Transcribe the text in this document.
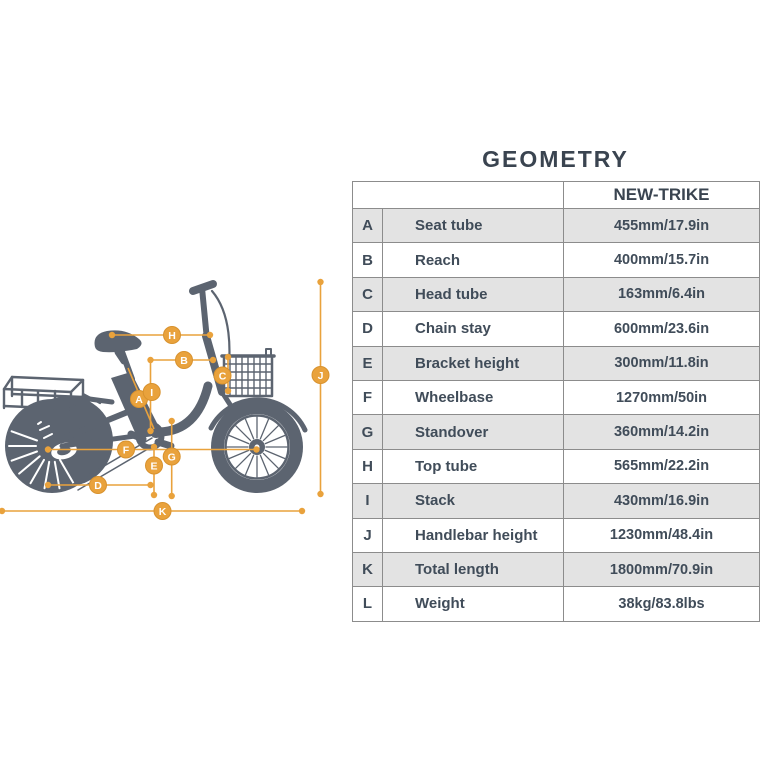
A
B
C
D
E
F
G
H
I
J
K
GEOMETRY
		NEW-TRIKE
A	Seat tube	455mm/17.9in
B	Reach	400mm/15.7in
C	Head tube	163mm/6.4in
D	Chain stay	600mm/23.6in
E	Bracket height	300mm/11.8in
F	Wheelbase	1270mm/50in
G	Standover	360mm/14.2in
H	Top tube	565mm/22.2in
I	Stack	430mm/16.9in
J	Handlebar height	1230mm/48.4in
K	Total length	1800mm/70.9in
L	Weight	38kg/83.8lbs
